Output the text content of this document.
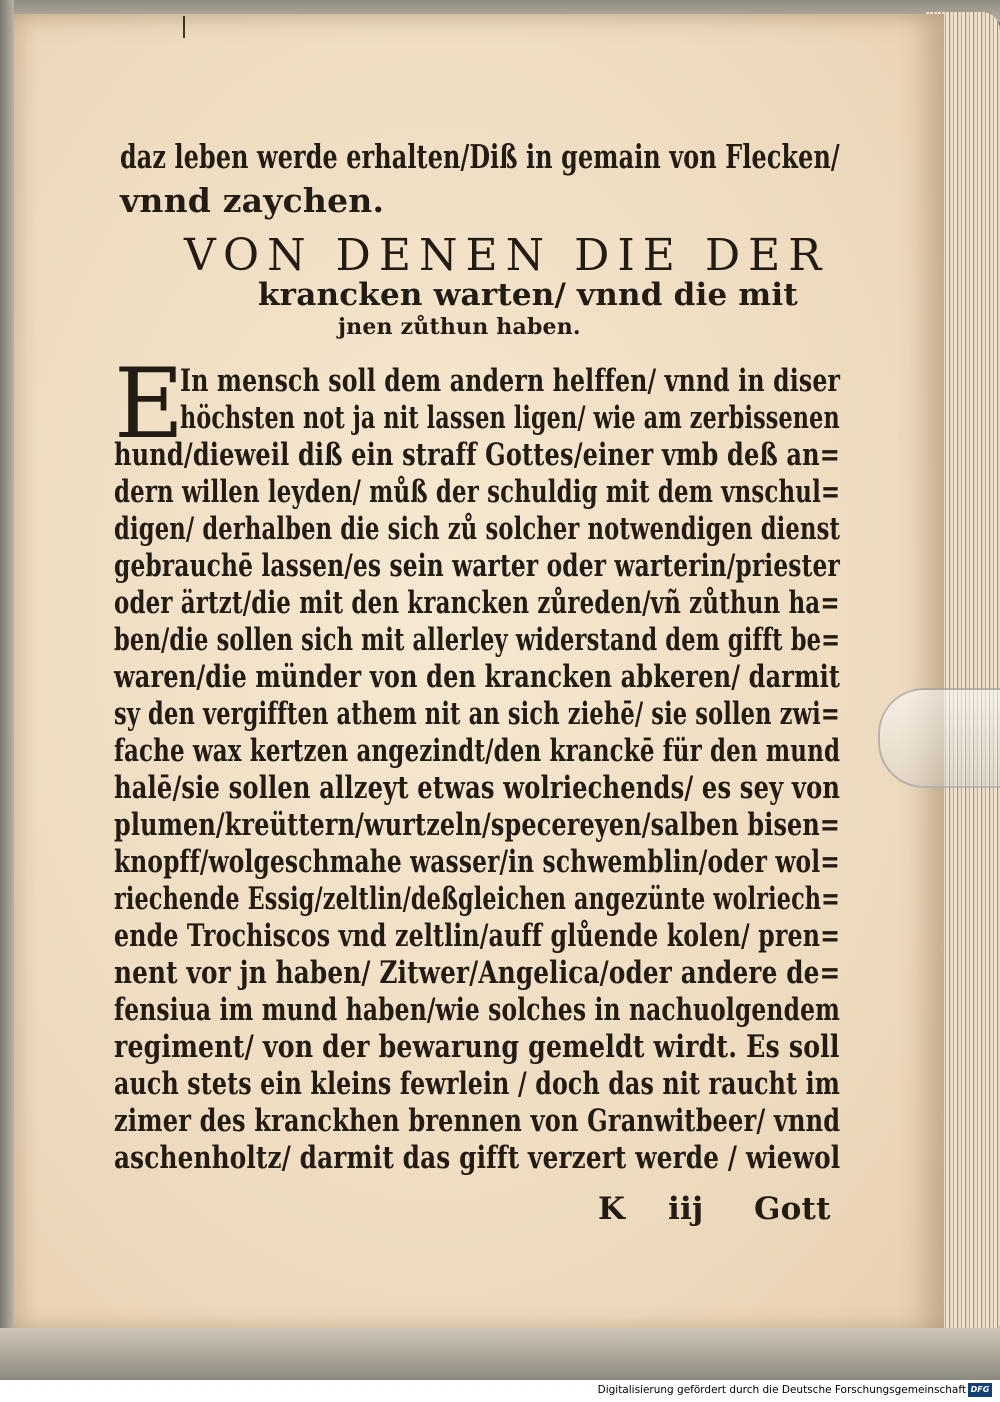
daz leben werde erhalten/Diß in gemain von Flecken/

vnnd zaychen.

VON DENEN DIE DER

krancken warten/ vnnd die mit

jnen zůthun haben.

E

In mensch soll dem andern helffen/ vnnd in diser

höchsten not ja nit lassen ligen/ wie am zerbissenen

hund/dieweil diß ein straff Gottes/einer vmb deß an=

dern willen leyden/ můß der schuldig mit dem vnschul=

digen/ derhalben die sich zů solcher notwendigen dienst

gebrauchē lassen/es sein warter oder warterin/priester

oder ärtzt/die mit den krancken zůreden/vñ zůthun ha=

ben/die sollen sich mit allerley widerstand dem gifft be=

waren/die münder von den krancken abkeren/ darmit

sy den vergifften athem nit an sich ziehē/ sie sollen zwi=

fache wax kertzen angezindt/den kranckē für den mund

halē/sie sollen allzeyt etwas wolriechends/ es sey von

plumen/kreüttern/wurtzeln/specereyen/salben bisen=

knopff/wolgeschmahe wasser/in schwemblin/oder wol=

riechende Essig/zeltlin/deßgleichen angezünte wolriech=

ende Trochiscos vnd zeltlin/auff glůende kolen/ pren=

nent vor jn haben/ Zitwer/Angelica/oder andere de=

fensiua im mund haben/wie solches in nachuolgendem

regiment/ von der bewarung gemeldt wirdt. Es soll

auch stets ein kleins fewrlein / doch das nit raucht im

zimer des kranckhen brennen von Granwitbeer/ vnnd

aschenholtz/ darmit das gifft verzert werde / wiewol

K iij Gott
Digitalisierung gefördert durch die Deutsche Forschungsgemeinschaft DFG
